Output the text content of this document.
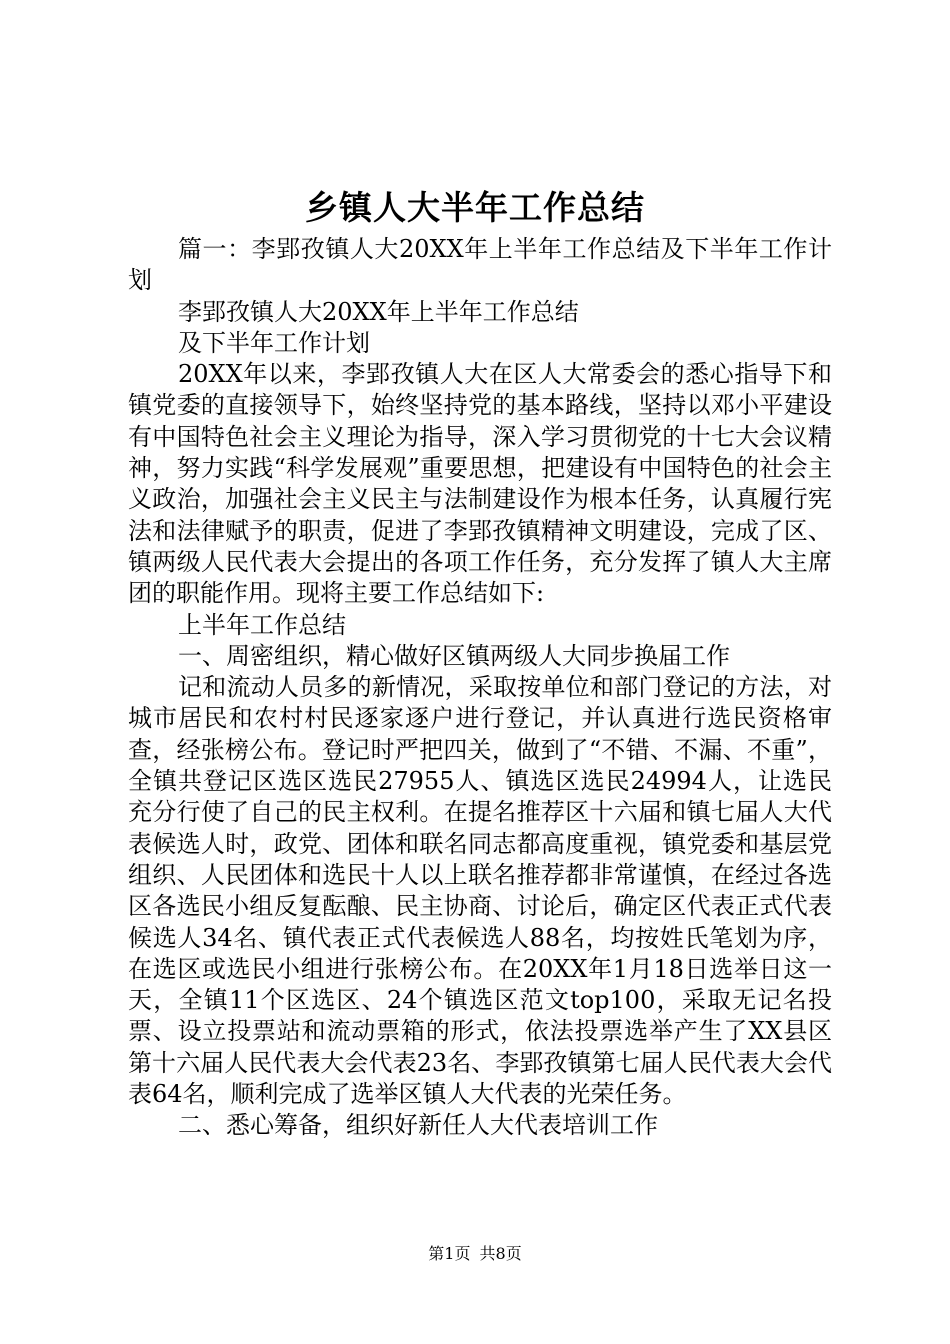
乡镇人大半年工作总结

篇一：李郢孜镇人大20XX年上半年工作总结及下半年工作计划

李郢孜镇人大20XX年上半年工作总结

及下半年工作计划

20XX年以来，李郢孜镇人大在区人大常委会的悉心指导下和镇党委的直接领导下，始终坚持党的基本路线，坚持以邓小平建设有中国特色社会主义理论为指导，深入学习贯彻党的十七大会议精神，努力实践“科学发展观”重要思想，把建设有中国特色的社会主义政治，加强社会主义民主与法制建设作为根本任务，认真履行宪法和法律赋予的职责，促进了李郢孜镇精神文明建设，完成了区、镇两级人民代表大会提出的各项工作任务，充分发挥了镇人大主席团的职能作用。现将主要工作总结如下:

上半年工作总结

一、周密组织，精心做好区镇两级人大同步换届工作

记和流动人员多的新情况，采取按单位和部门登记的方法，对城市居民和农村村民逐家逐户进行登记，并认真进行选民资格审查，经张榜公布。登记时严把四关，做到了“不错、不漏、不重”，全镇共登记区选区选民27955人、镇选区选民24994人，让选民充分行使了自己的民主权利。在提名推荐区十六届和镇七届人大代表候选人时，政党、团体和联名同志都高度重视，镇党委和基层党组织、人民团体和选民十人以上联名推荐都非常谨慎，在经过各选区各选民小组反复酝酿、民主协商、讨论后，确定区代表正式代表候选人34名、镇代表正式代表候选人88名，均按姓氏笔划为序，在选区或选民小组进行张榜公布。在20XX年1月18日选举日这一天，全镇11个区选区、24个镇选区范文top100，采取无记名投票、设立投票站和流动票箱的形式，依法投票选举产生了XX县区第十六届人民代表大会代表23名、李郢孜镇第七届人民代表大会代表64名，顺利完成了选举区镇人大代表的光荣任务。

二、悉心筹备，组织好新任人大代表培训工作

第1页 共8页
